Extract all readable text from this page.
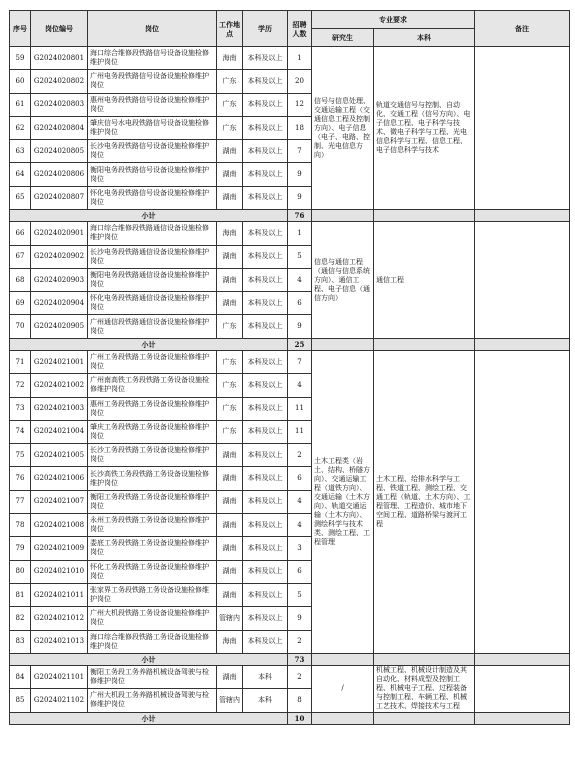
序号	岗位编号	岗位	工作地点	学历	招聘人数	专业要求		备注
						研究生	本科	
59	G2024020801	海口综合维修段铁路信号设备设施检修维护岗位	海南	本科及以上	1	信号与信息处理、交通运输工程（交通信息工程及控制方向）、电子信息（电子、电路、控制、光电信息方向）	轨道交通信号与控制、自动化、交通工程（信号方向）、电子信息工程、电子科学与技术、微电子科学与工程、光电信息科学与工程、信息工程、电子信息科学与技术	
60	G2024020802	广州电务段铁路信号设备设施检修维护岗位	广东	本科及以上	20			
61	G2024020803	惠州电务段铁路信号设备设施检修维护岗位	广东	本科及以上	12			
62	G2024020804	肇庆信号水电段铁路信号设备设施检修维护岗位	广东	本科及以上	18			
63	G2024020805	长沙电务段铁路信号设备设施检修维护岗位	湖南	本科及以上	7			
64	G2024020806	衡阳电务段铁路信号设备设施检修维护岗位	湖南	本科及以上	9			
65	G2024020807	怀化电务段铁路信号设备设施检修维护岗位	湖南	本科及以上	9			
小计					76			
66	G2024020901	海口综合维修段铁路通信设备设施检修维护岗位	海南	本科及以上	1	信息与通信工程（通信与信息系统方向）、通信工程、电子信息（通信方向）	通信工程	
67	G2024020902	长沙电务段铁路通信设备设施检修维护岗位	湖南	本科及以上	5			
68	G2024020903	衡阳电务段铁路通信设备设施检修维护岗位	湖南	本科及以上	4			
69	G2024020904	怀化电务段铁路通信设备设施检修维护岗位	湖南	本科及以上	6			
70	G2024020905	广州通信段铁路通信设备设施检修维护岗位	广东	本科及以上	9			
小计					25			
71	G2024021001	广州工务段铁路工务设备设施检修维护岗位	广东	本科及以上	7	土木工程类（岩土、结构、桥隧方向）、交通运输工程（道铁方向）、交通运输（土木方向）、轨道交通运输（土木方向）、测绘科学与技术类、测绘工程、工程管理	土木工程、给排水科学与工程、铁道工程、测绘工程、交通工程（轨道、土木方向）、工程管理、工程造价、城市地下空间工程、道路桥梁与渡河工程	
72	G2024021002	广州南高铁工务段铁路工务设备设施检修维护岗位	广东	本科及以上	4			
73	G2024021003	惠州工务段铁路工务设备设施检修维护岗位	广东	本科及以上	11			
74	G2024021004	肇庆工务段铁路工务设备设施检修维护岗位	广东	本科及以上	11			
75	G2024021005	长沙工务段铁路工务设备设施检修维护岗位	湖南	本科及以上	2			
76	G2024021006	长沙高铁工务段铁路工务设备设施检修维护岗位	湖南	本科及以上	6			
77	G2024021007	衡阳工务段铁路工务设备设施检修维护岗位	湖南	本科及以上	4			
78	G2024021008	永州工务段铁路工务设备设施检修维护岗位	湖南	本科及以上	4			
79	G2024021009	娄底工务段铁路工务设备设施检修维护岗位	湖南	本科及以上	3			
80	G2024021010	怀化工务段铁路工务设备设施检修维护岗位	湖南	本科及以上	6			
81	G2024021011	张家界工务段铁路工务设备设施检修维护岗位	湖南	本科及以上	5			
82	G2024021012	广州大机段铁路工务设备设施检修维护岗位	管辖内	本科及以上	9			
83	G2024021013	海口综合维修段铁路工务设备设施检修维护岗位	海南	本科及以上	2			
小计					73			
84	G2024021101	衡阳工务段工务养路机械设备驾驶与检修维护岗位	湖南	本科	2	/	机械工程、机械设计制造及其自动化、材料成型及控制工程、机械电子工程、过程装备与控制工程、车辆工程、机械工艺技术、焊接技术与工程	
85	G2024021102	广州大机段工务养路机械设备驾驶与检修维护岗位	管辖内	本科	8			
小计					10			
